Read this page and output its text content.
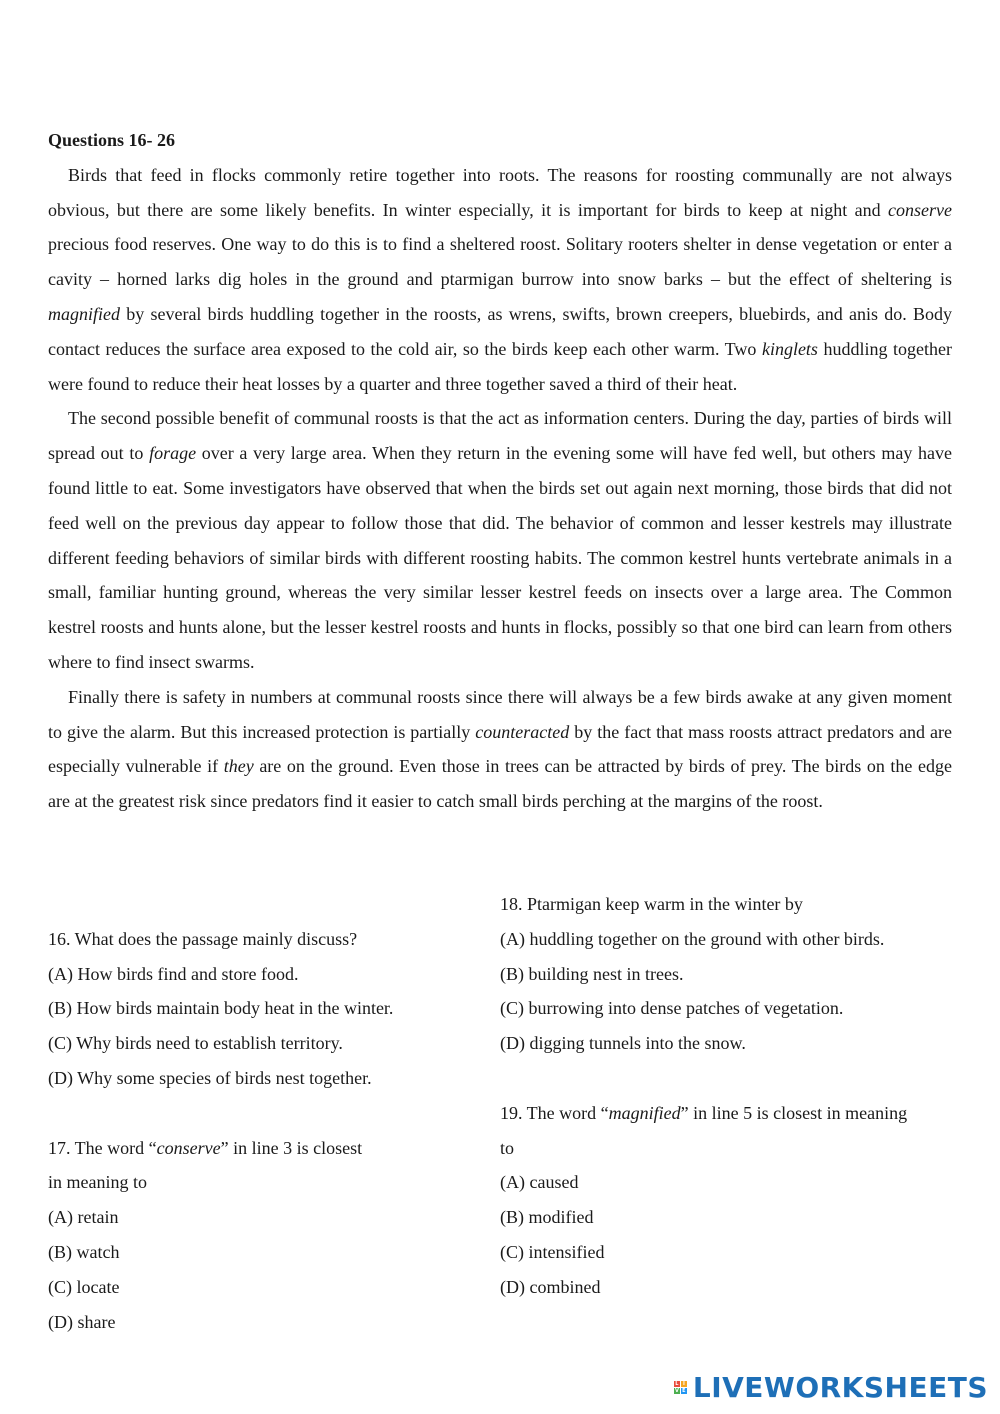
Questions 16- 26

Birds that feed in flocks commonly retire together into roots. The reasons for roosting communally are not always obvious, but there are some likely benefits. In winter especially, it is important for birds to keep at night and conserve precious food reserves. One way to do this is to find a sheltered roost. Solitary rooters shelter in dense vegetation or enter a cavity – horned larks dig holes in the ground and ptarmigan burrow into snow barks – but the effect of sheltering is magnified by several birds huddling together in the roosts, as wrens, swifts, brown creepers, bluebirds, and anis do. Body contact reduces the surface area exposed to the cold air, so the birds keep each other warm. Two kinglets huddling together were found to reduce their heat losses by a quarter and three together saved a third of their heat.

The second possible benefit of communal roosts is that the act as information centers. During the day, parties of birds will spread out to forage over a very large area. When they return in the evening some will have fed well, but others may have found little to eat. Some investigators have observed that when the birds set out again next morning, those birds that did not feed well on the previous day appear to follow those that did. The behavior of common and lesser kestrels may illustrate different feeding behaviors of similar birds with different roosting habits. The common kestrel hunts vertebrate animals in a small, familiar hunting ground, whereas the very similar lesser kestrel feeds on insects over a large area. The Common kestrel roosts and hunts alone, but the lesser kestrel roosts and hunts in flocks, possibly so that one bird can learn from others where to find insect swarms.

Finally there is safety in numbers at communal roosts since there will always be a few birds awake at any given moment to give the alarm. But this increased protection is partially counteracted by the fact that mass roosts attract predators and are especially vulnerable if they are on the ground. Even those in trees can be attracted by birds of prey. The birds on the edge are at the greatest risk since predators find it easier to catch small birds perching at the margins of the roost.

16. What does the passage mainly discuss?
(A) How birds find and store food.
(B) How birds maintain body heat in the winter.
(C) Why birds need to establish territory.
(D) Why some species of birds nest together.
17. The word “conserve” in line 3 is closest
in meaning to
(A) retain
(B) watch
(C) locate
(D) share
18. Ptarmigan keep warm in the winter by
(A) huddling together on the ground with other birds.
(B) building nest in trees.
(C) burrowing into dense patches of vegetation.
(D) digging tunnels into the snow.
19. The word “magnified” in line 5 is closest in meaning
to
(A) caused
(B) modified
(C) intensified
(D) combined
L I
V E LIVEWORKSHEETS
